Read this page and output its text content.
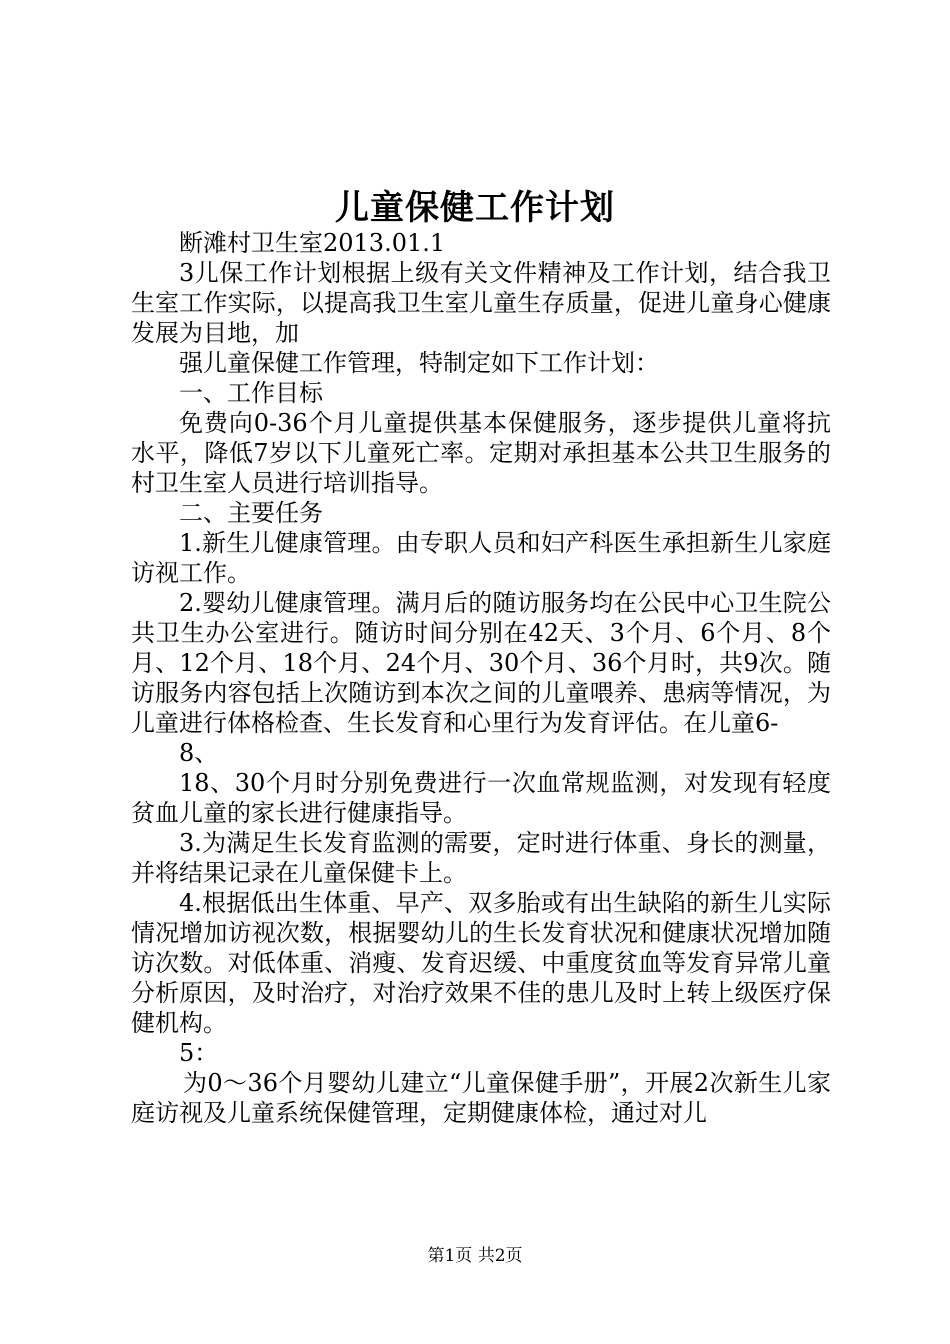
儿童保健工作计划

断滩村卫生室2013.01.1

3儿保工作计划根据上级有关文件精神及工作计划，结合我卫生室工作实际，以提高我卫生室儿童生存质量，促进儿童身心健康发展为目地，加

强儿童保健工作管理，特制定如下工作计划：

一、工作目标

免费向0-36个月儿童提供基本保健服务，逐步提供儿童将抗水平，降低7岁以下儿童死亡率。定期对承担基本公共卫生服务的村卫生室人员进行培训指导。

二、主要任务

1.新生儿健康管理。由专职人员和妇产科医生承担新生儿家庭访视工作。

2.婴幼儿健康管理。满月后的随访服务均在公民中心卫生院公共卫生办公室进行。随访时间分别在42天、3个月、6个月、8个月、12个月、18个月、24个月、30个月、36个月时，共9次。随访服务内容包括上次随访到本次之间的儿童喂养、患病等情况，为儿童进行体格检查、生长发育和心里行为发育评估。在儿童6-

8、

18、30个月时分别免费进行一次血常规监测，对发现有轻度贫血儿童的家长进行健康指导。

3.为满足生长发育监测的需要，定时进行体重、身长的测量，并将结果记录在儿童保健卡上。

4.根据低出生体重、早产、双多胎或有出生缺陷的新生儿实际情况增加访视次数，根据婴幼儿的生长发育状况和健康状况增加随访次数。对低体重、消瘦、发育迟缓、中重度贫血等发育异常儿童分析原因，及时治疗，对治疗效果不佳的患儿及时上转上级医疗保健机构。

5：

为0～36个月婴幼儿建立“儿童保健手册”，开展2次新生儿家庭访视及儿童系统保健管理，定期健康体检，通过对儿

第1页 共2页
